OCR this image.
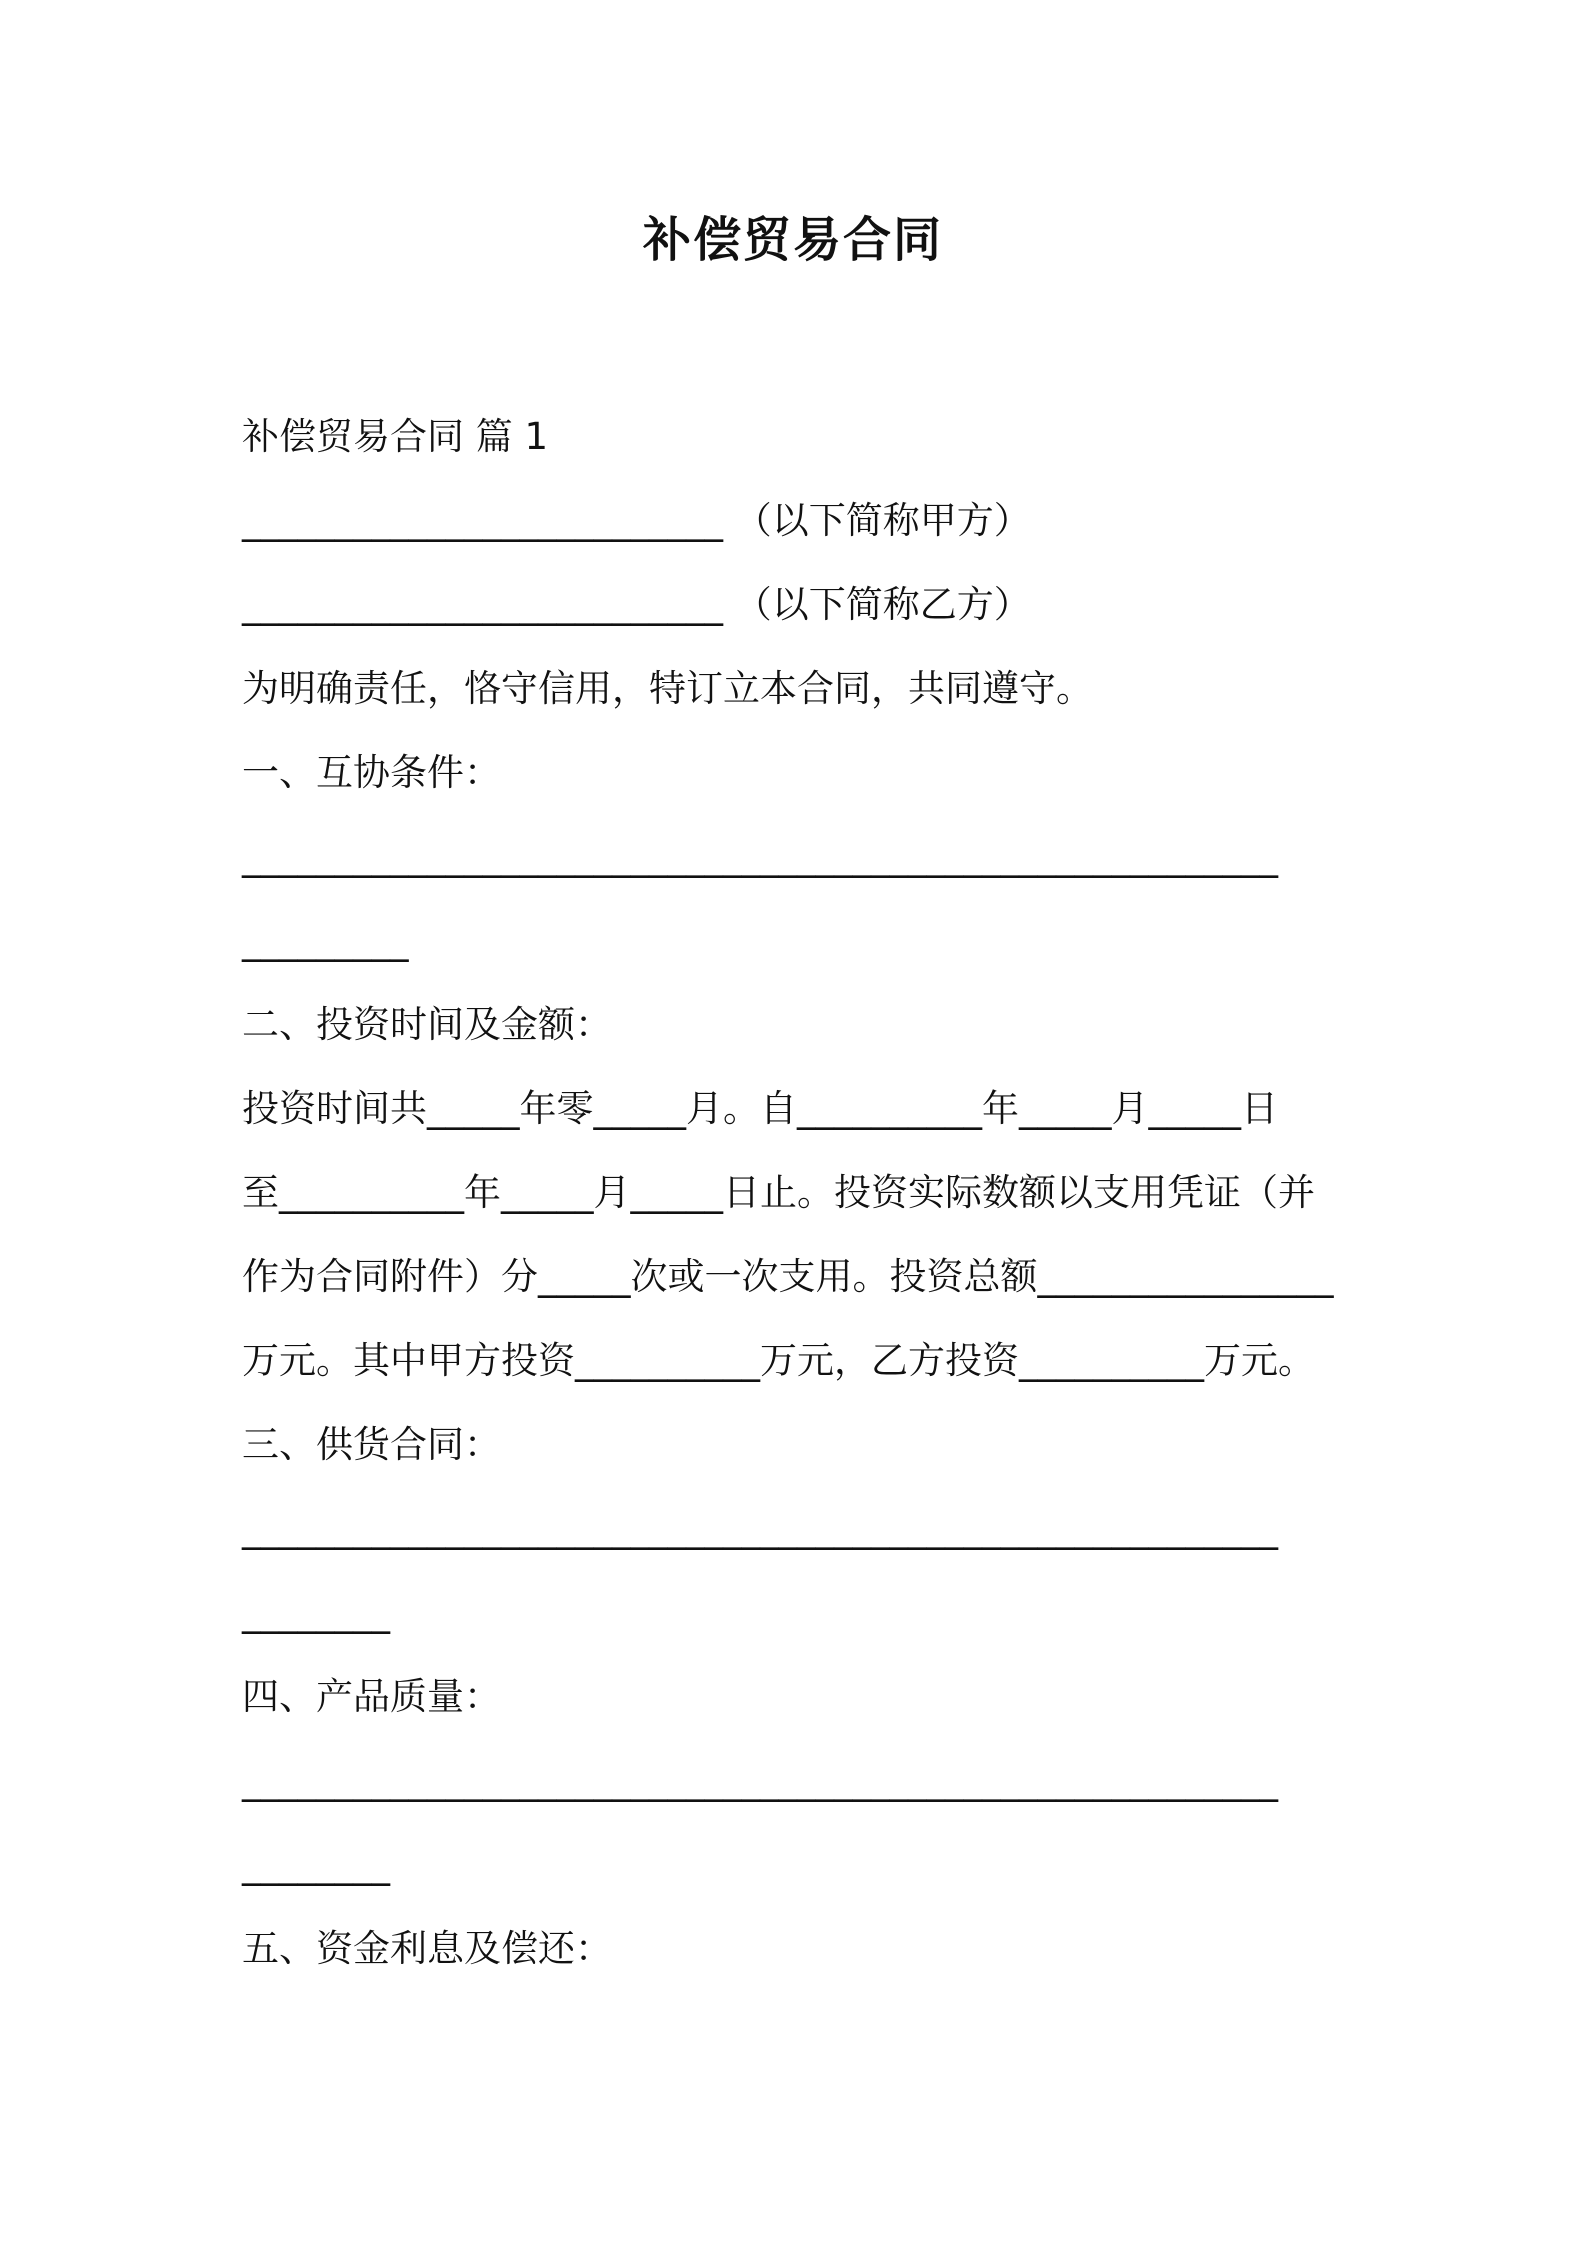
补偿贸易合同
补偿贸易合同 篇 1
__________________________ （以下简称甲方）
__________________________ （以下简称乙方）
为明确责任，恪守信用，特订立本合同，共同遵守。
一、互协条件：
________________________________________________________
_________
二、投资时间及金额：
投资时间共_____年零_____月。自__________年_____月_____日
至__________年_____月_____日止。投资实际数额以支用凭证（并
作为合同附件）分_____次或一次支用。投资总额________________
万元。其中甲方投资__________万元，乙方投资__________万元。
三、供货合同：
________________________________________________________
________
四、产品质量：
________________________________________________________
________
五、资金利息及偿还：
